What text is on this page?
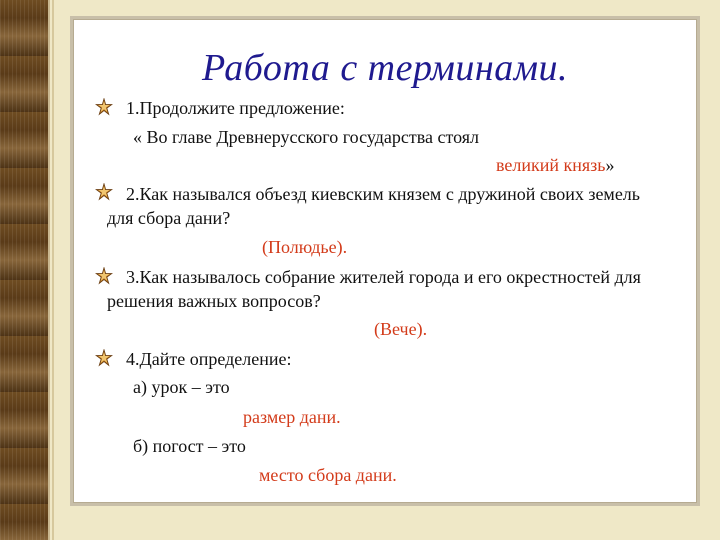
Работа с терминами.
1.Продолжите предложение:
« Во главе Древнерусского государства стоял
великий князь»
2.Как назывался объезд киевским князем с дружиной своих земель
для сбора дани?
(Полюдье).
3.Как называлось собрание жителей города и его окрестностей для
решения важных вопросов?
(Вече).
4.Дайте определение:
а) урок – это
размер дани.
б) погост – это
место сбора дани.
